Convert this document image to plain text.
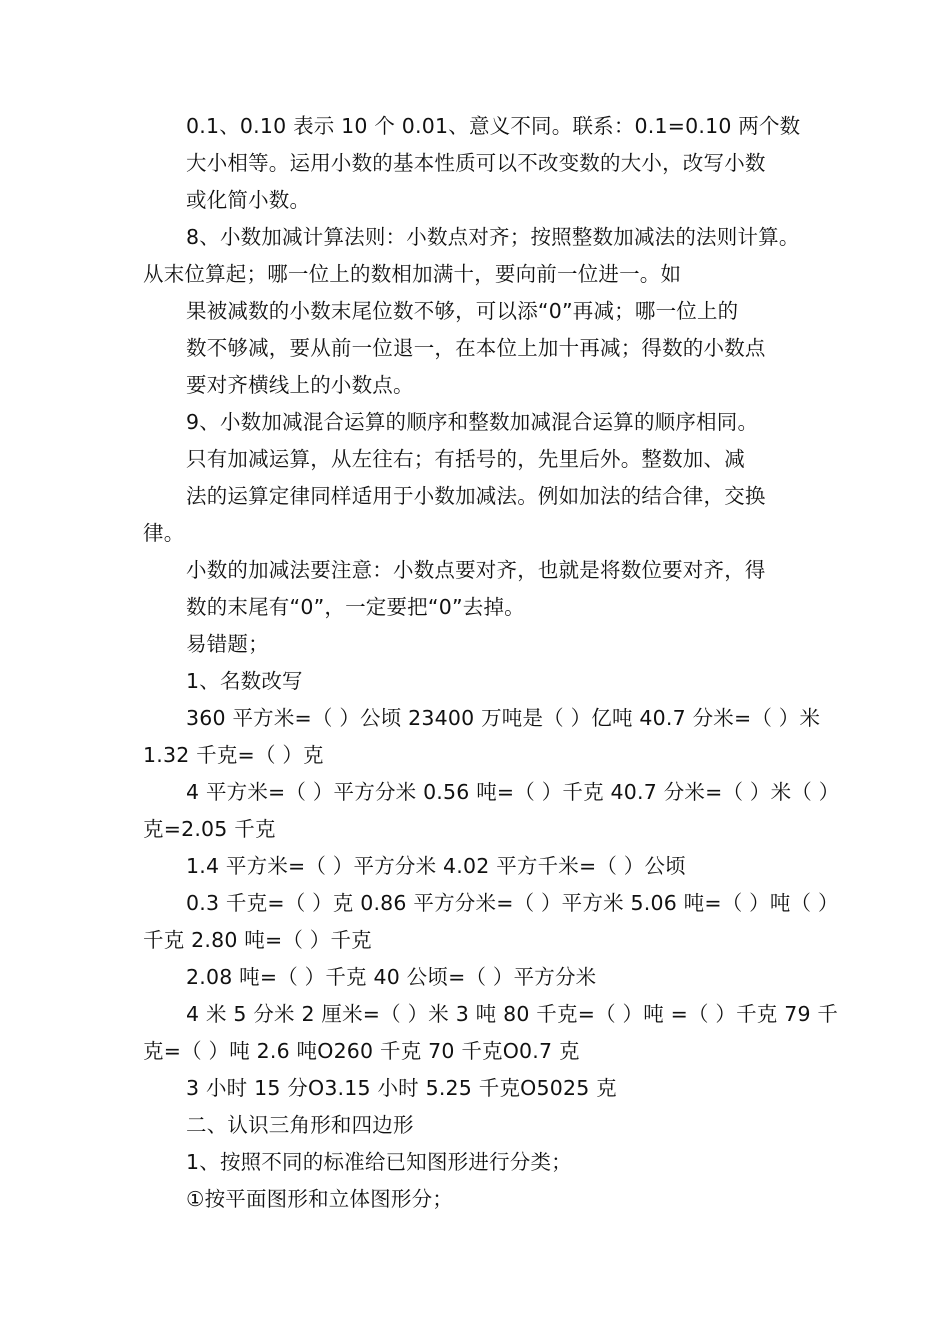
0.1、0.10 表示 10 个 0.01、意义不同。联系：0.1=0.10 两个数
大小相等。运用小数的基本性质可以不改变数的大小，改写小数
或化简小数。
8、小数加减计算法则：小数点对齐；按照整数加减法的法则计算。
从末位算起；哪一位上的数相加满十，要向前一位进一。如
果被减数的小数末尾位数不够，可以添“0”再减；哪一位上的
数不够减，要从前一位退一，在本位上加十再减；得数的小数点
要对齐横线上的小数点。
9、小数加减混合运算的顺序和整数加减混合运算的顺序相同。
只有加减运算，从左往右；有括号的，先里后外。整数加、减
法的运算定律同样适用于小数加减法。例如加法的结合律，交换
律。
小数的加减法要注意：小数点要对齐，也就是将数位要对齐，得
数的末尾有“0”，一定要把“0”去掉。
易错题；
1、名数改写
360 平方米=（ ）公顷 23400 万吨是（ ）亿吨 40.7 分米=（ ）米
1.32 千克=（ ）克
4 平方米=（ ）平方分米 0.56 吨=（ ）千克 40.7 分米=（ ）米（ ）
克=2.05 千克
1.4 平方米=（ ）平方分米 4.02 平方千米=（ ）公顷
0.3 千克=（ ）克 0.86 平方分米=（ ）平方米 5.06 吨=（ ）吨（ ）
千克 2.80 吨=（ ）千克
2.08 吨=（ ）千克 40 公顷=（ ）平方分米
4 米 5 分米 2 厘米=（ ）米 3 吨 80 千克=（ ）吨 =（ ）千克 79 千
克=（ ）吨 2.6 吨O260 千克 70 千克O0.7 克
3 小时 15 分O3.15 小时 5.25 千克O5025 克
二、认识三角形和四边形
1、按照不同的标准给已知图形进行分类；
①按平面图形和立体图形分；
